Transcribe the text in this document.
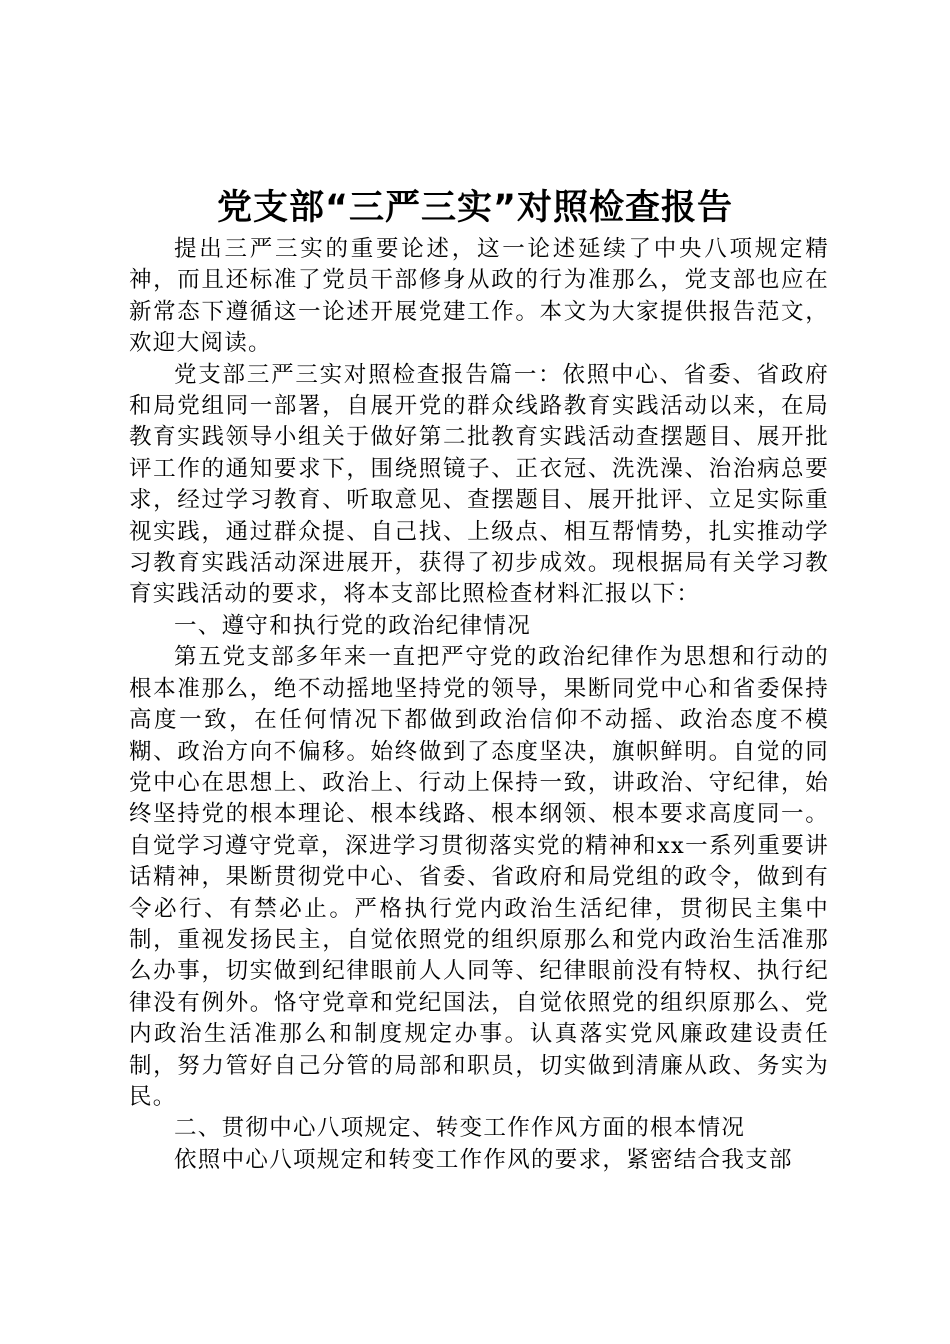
党支部“三严三实”对照检查报告

提出三严三实的重要论述，这一论述延续了中央八项规定精神，而且还标准了党员干部修身从政的行为准那么，党支部也应在新常态下遵循这一论述开展党建工作。本文为大家提供报告范文，欢迎大阅读。

党支部三严三实对照检查报告篇一：依照中心、省委、省政府和局党组同一部署，自展开党的群众线路教育实践活动以来，在局教育实践领导小组关于做好第二批教育实践活动查摆题目、展开批评工作的通知要求下，围绕照镜子、正衣冠、洗洗澡、治治病总要求，经过学习教育、听取意见、查摆题目、展开批评、立足实际重视实践，通过群众提、自己找、上级点、相互帮情势，扎实推动学习教育实践活动深进展开，获得了初步成效。现根据局有关学习教育实践活动的要求，将本支部比照检查材料汇报以下：

一、遵守和执行党的政治纪律情况

第五党支部多年来一直把严守党的政治纪律作为思想和行动的根本准那么，绝不动摇地坚持党的领导，果断同党中心和省委保持高度一致，在任何情况下都做到政治信仰不动摇、政治态度不模糊、政治方向不偏移。始终做到了态度坚决，旗帜鲜明。自觉的同党中心在思想上、政治上、行动上保持一致，讲政治、守纪律，始终坚持党的根本理论、根本线路、根本纲领、根本要求高度同一。自觉学习遵守党章，深进学习贯彻落实党的精神和xx一系列重要讲话精神，果断贯彻党中心、省委、省政府和局党组的政令，做到有令必行、有禁必止。严格执行党内政治生活纪律，贯彻民主集中制，重视发扬民主，自觉依照党的组织原那么和党内政治生活准那么办事，切实做到纪律眼前人人同等、纪律眼前没有特权、执行纪律没有例外。恪守党章和党纪国法，自觉依照党的组织原那么、党内政治生活准那么和制度规定办事。认真落实党风廉政建设责任制，努力管好自己分管的局部和职员，切实做到清廉从政、务实为民。

二、贯彻中心八项规定、转变工作作风方面的根本情况

依照中心八项规定和转变工作作风的要求，紧密结合我支部
